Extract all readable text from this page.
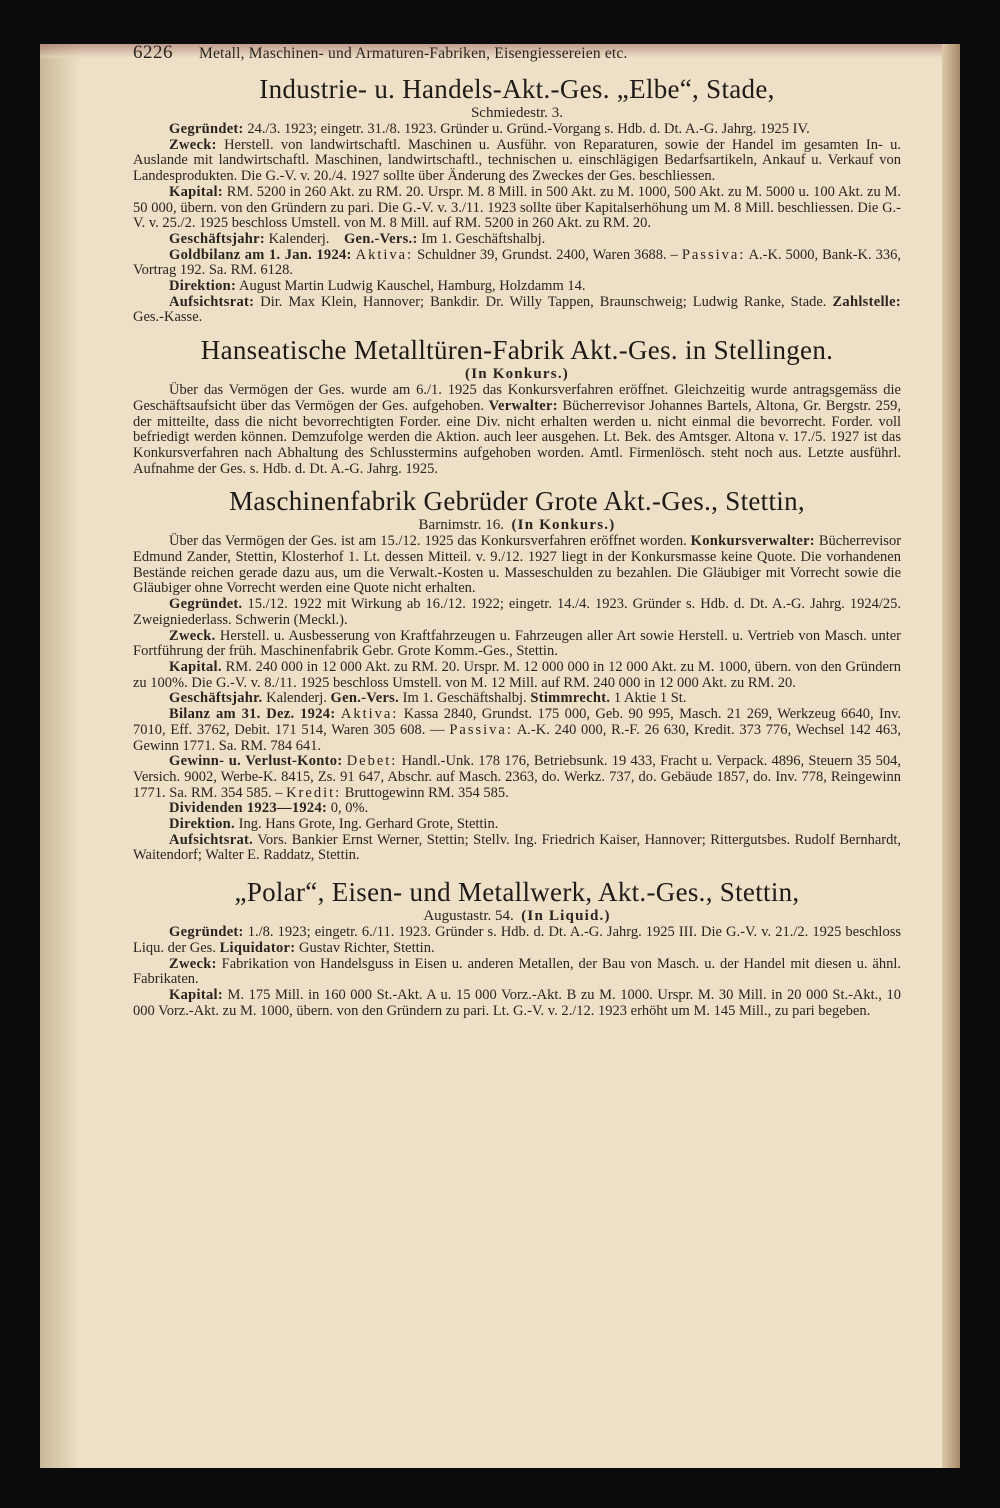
6226 Metall, Maschinen- und Armaturen-Fabriken, Eisengiessereien etc.
Industrie- u. Handels-Akt.-Ges. „Elbe“, Stade,

Schmiedestr. 3.

Gegründet: 24./3. 1923; eingetr. 31./8. 1923. Gründer u. Gründ.-Vorgang s. Hdb. d. Dt. A.-G. Jahrg. 1925 IV.

Zweck: Herstell. von landwirtschaftl. Maschinen u. Ausführ. von Reparaturen, sowie der Handel im gesamten In- u. Auslande mit landwirtschaftl. Maschinen, landwirtschaftl., technischen u. einschlägigen Bedarfsartikeln, Ankauf u. Verkauf von Landesprodukten. Die G.-V. v. 20./4. 1927 sollte über Änderung des Zweckes der Ges. beschliessen.

Kapital: RM. 5200 in 260 Akt. zu RM. 20. Urspr. M. 8 Mill. in 500 Akt. zu M. 1000, 500 Akt. zu M. 5000 u. 100 Akt. zu M. 50 000, übern. von den Gründern zu pari. Die G.-V. v. 3./11. 1923 sollte über Kapitalserhöhung um M. 8 Mill. beschliessen. Die G.-V. v. 25./2. 1925 beschloss Umstell. von M. 8 Mill. auf RM. 5200 in 260 Akt. zu RM. 20.

Geschäftsjahr: Kalenderj. Gen.-Vers.: Im 1. Geschäftshalbj.

Goldbilanz am 1. Jan. 1924: Aktiva: Schuldner 39, Grundst. 2400, Waren 3688. – Passiva: A.-K. 5000, Bank-K. 336, Vortrag 192. Sa. RM. 6128.

Direktion: August Martin Ludwig Kauschel, Hamburg, Holzdamm 14.

Aufsichtsrat: Dir. Max Klein, Hannover; Bankdir. Dr. Willy Tappen, Braunschweig; Ludwig Ranke, Stade. Zahlstelle: Ges.-Kasse.

Hanseatische Metalltüren-Fabrik Akt.-Ges. in Stellingen.

(In Konkurs.)

Über das Vermögen der Ges. wurde am 6./1. 1925 das Konkursverfahren eröffnet. Gleichzeitig wurde antragsgemäss die Geschäftsaufsicht über das Vermögen der Ges. aufgehoben. Verwalter: Bücherrevisor Johannes Bartels, Altona, Gr. Bergstr. 259, der mitteilte, dass die nicht bevorrechtigten Forder. eine Div. nicht erhalten werden u. nicht einmal die bevorrecht. Forder. voll befriedigt werden können. Demzufolge werden die Aktion. auch leer ausgehen. Lt. Bek. des Amtsger. Altona v. 17./5. 1927 ist das Konkursverfahren nach Abhaltung des Schlusstermins aufgehoben worden. Amtl. Firmenlösch. steht noch aus. Letzte ausführl. Aufnahme der Ges. s. Hdb. d. Dt. A.-G. Jahrg. 1925.

Maschinenfabrik Gebrüder Grote Akt.-Ges., Stettin,

Barnimstr. 16. (In Konkurs.)

Über das Vermögen der Ges. ist am 15./12. 1925 das Konkursverfahren eröffnet worden. Konkursverwalter: Bücherrevisor Edmund Zander, Stettin, Klosterhof 1. Lt. dessen Mitteil. v. 9./12. 1927 liegt in der Konkursmasse keine Quote. Die vorhandenen Bestände reichen gerade dazu aus, um die Verwalt.-Kosten u. Masseschulden zu bezahlen. Die Gläubiger mit Vorrecht sowie die Gläubiger ohne Vorrecht werden eine Quote nicht erhalten.

Gegründet. 15./12. 1922 mit Wirkung ab 16./12. 1922; eingetr. 14./4. 1923. Gründer s. Hdb. d. Dt. A.-G. Jahrg. 1924/25. Zweigniederlass. Schwerin (Meckl.).

Zweck. Herstell. u. Ausbesserung von Kraftfahrzeugen u. Fahrzeugen aller Art sowie Herstell. u. Vertrieb von Masch. unter Fortführung der früh. Maschinenfabrik Gebr. Grote Komm.-Ges., Stettin.

Kapital. RM. 240 000 in 12 000 Akt. zu RM. 20. Urspr. M. 12 000 000 in 12 000 Akt. zu M. 1000, übern. von den Gründern zu 100%. Die G.-V. v. 8./11. 1925 beschloss Umstell. von M. 12 Mill. auf RM. 240 000 in 12 000 Akt. zu RM. 20.

Geschäftsjahr. Kalenderj. Gen.-Vers. Im 1. Geschäftshalbj. Stimmrecht. 1 Aktie 1 St.

Bilanz am 31. Dez. 1924: Aktiva: Kassa 2840, Grundst. 175 000, Geb. 90 995, Masch. 21 269, Werkzeug 6640, Inv. 7010, Eff. 3762, Debit. 171 514, Waren 305 608. — Passiva: A.-K. 240 000, R.-F. 26 630, Kredit. 373 776, Wechsel 142 463, Gewinn 1771. Sa. RM. 784 641.

Gewinn- u. Verlust-Konto: Debet: Handl.-Unk. 178 176, Betriebsunk. 19 433, Fracht u. Verpack. 4896, Steuern 35 504, Versich. 9002, Werbe-K. 8415, Zs. 91 647, Abschr. auf Masch. 2363, do. Werkz. 737, do. Gebäude 1857, do. Inv. 778, Reingewinn 1771. Sa. RM. 354 585. – Kredit: Bruttogewinn RM. 354 585.

Dividenden 1923—1924: 0, 0%.

Direktion. Ing. Hans Grote, Ing. Gerhard Grote, Stettin.

Aufsichtsrat. Vors. Bankier Ernst Werner, Stettin; Stellv. Ing. Friedrich Kaiser, Hannover; Rittergutsbes. Rudolf Bernhardt, Waitendorf; Walter E. Raddatz, Stettin.

„Polar“, Eisen- und Metallwerk, Akt.-Ges., Stettin,

Augustastr. 54. (In Liquid.)

Gegründet: 1./8. 1923; eingetr. 6./11. 1923. Gründer s. Hdb. d. Dt. A.-G. Jahrg. 1925 III. Die G.-V. v. 21./2. 1925 beschloss Liqu. der Ges. Liquidator: Gustav Richter, Stettin.

Zweck: Fabrikation von Handelsguss in Eisen u. anderen Metallen, der Bau von Masch. u. der Handel mit diesen u. ähnl. Fabrikaten.

Kapital: M. 175 Mill. in 160 000 St.-Akt. A u. 15 000 Vorz.-Akt. B zu M. 1000. Urspr. M. 30 Mill. in 20 000 St.-Akt., 10 000 Vorz.-Akt. zu M. 1000, übern. von den Gründern zu pari. Lt. G.-V. v. 2./12. 1923 erhöht um M. 145 Mill., zu pari begeben.
